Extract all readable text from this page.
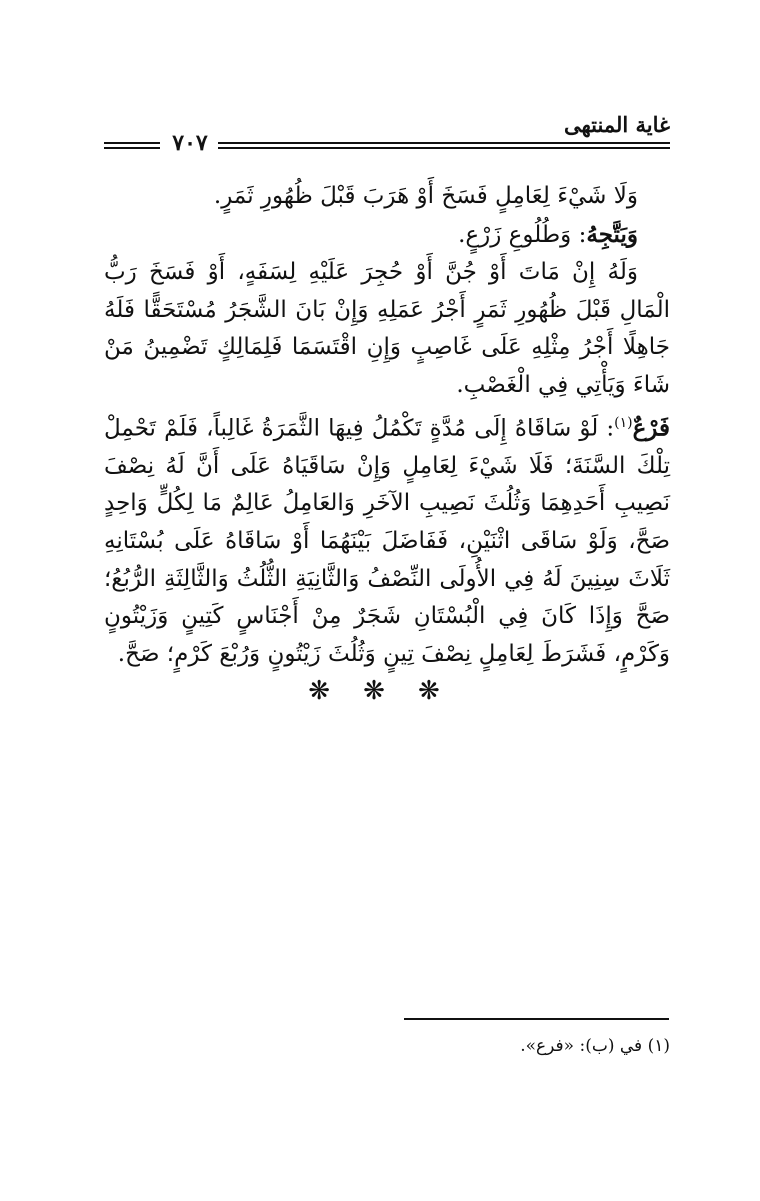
غاية المنتهى
٧٠٧

وَلَا شَيْءَ لِعَامِلٍ فَسَخَ أَوْ هَرَبَ قَبْلَ ظُهُورِ ثَمَرٍ.

وَيَتَّجِهُ: وَطُلُوعِ زَرْعٍ.

وَلَهُ إِنْ مَاتَ أَوْ جُنَّ أَوْ حُجِرَ عَلَيْهِ لِسَفَهٍ، أَوْ فَسَخَ رَبُّ الْمَالِ قَبْلَ ظُهُورِ ثَمَرٍ أَجْرُ عَمَلِهِ وَإِنْ بَانَ الشَّجَرُ مُسْتَحَقًّا فَلَهُ جَاهِلًا أَجْرُ مِثْلِهِ عَلَى غَاصِبٍ وَإِنِ اقْتَسَمَا فَلِمَالِكٍ تَضْمِينُ مَنْ شَاءَ وَيَأْتِي فِي الْغَصْبِ.

فَرْعٌ$^{(١)}$: لَوْ سَاقَاهُ إِلَى مُدَّةٍ تَكْمُلُ فِيهَا الثَّمَرَةُ غَالِباً، فَلَمْ تَحْمِلْ تِلْكَ السَّنَةَ؛ فَلَا شَيْءَ لِعَامِلٍ وَإِنْ سَاقَيَاهُ عَلَى أَنَّ لَهُ نِصْفَ نَصِيبِ أَحَدِهِمَا وَثُلُثَ نَصِيبِ الآخَرِ وَالعَامِلُ عَالِمٌ مَا لِكُلٍّ وَاحِدٍ صَحَّ، وَلَوْ سَاقَى اثْنَيْنِ، فَفَاضَلَ بَيْنَهُمَا أَوْ سَاقَاهُ عَلَى بُسْتَانِهِ ثَلَاثَ سِنِينَ لَهُ فِي الأُولَى النِّصْفُ وَالثَّانِيَةِ الثُّلُثُ وَالثَّالِثَةِ الرُّبُعُ؛ صَحَّ وَإِذَا كَانَ فِي الْبُسْتَانِ شَجَرٌ مِنْ أَجْنَاسٍ كَتِينٍ وَزَيْتُونٍ وَكَرْمٍ، فَشَرَطَ لِعَامِلٍ نِصْفَ تِينٍ وَثُلُثَ زَيْتُونٍ وَرُبْعَ كَرْمٍ؛ صَحَّ.

❋ ❋ ❋
(١) في (ب): «فرع».
